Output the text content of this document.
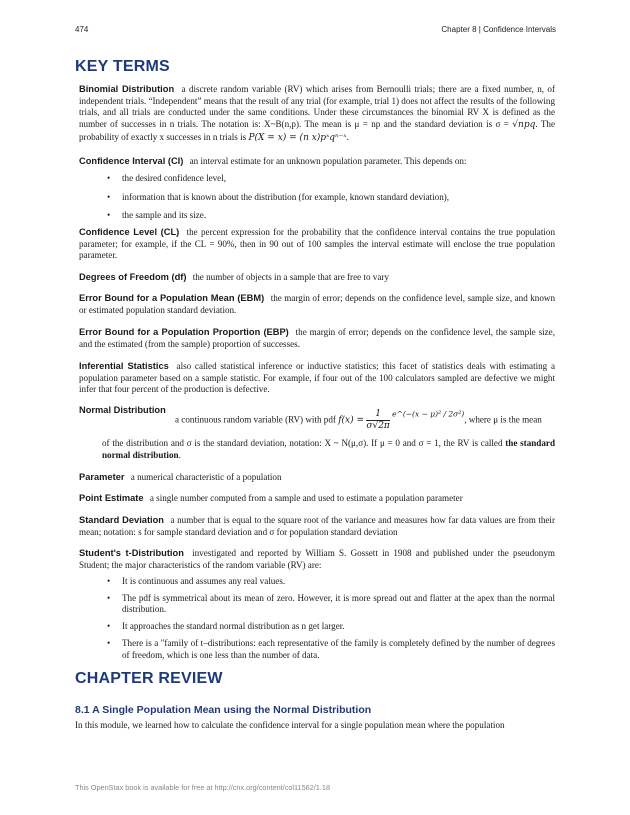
474	Chapter 8 | Confidence Intervals
KEY TERMS
Binomial Distribution a discrete random variable (RV) which arises from Bernoulli trials; there are a fixed number, n, of independent trials. “Independent” means that the result of any trial (for example, trial 1) does not affect the results of the following trials, and all trials are conducted under the same conditions. Under these circumstances the binomial RV X is defined as the number of successes in n trials. The notation is: X~B(n,p). The mean is μ = np and the standard deviation is σ = √npq. The probability of exactly x successes in n trials is P(X = x) = (n x)pˣqⁿ⁻ˣ.
Confidence Interval (CI) an interval estimate for an unknown population parameter. This depends on:
• the desired confidence level,
• information that is known about the distribution (for example, known standard deviation),
• the sample and its size.
Confidence Level (CL) the percent expression for the probability that the confidence interval contains the true population parameter; for example, if the CL = 90%, then in 90 out of 100 samples the interval estimate will enclose the true population parameter.
Degrees of Freedom (df) the number of objects in a sample that are free to vary
Error Bound for a Population Mean (EBM) the margin of error; depends on the confidence level, sample size, and known or estimated population standard deviation.
Error Bound for a Population Proportion (EBP) the margin of error; depends on the confidence level, the sample size, and the estimated (from the sample) proportion of successes.
Inferential Statistics also called statistical inference or inductive statistics; this facet of statistics deals with estimating a population parameter based on a sample statistic. For example, if four out of the 100 calculators sampled are defective we might infer that four percent of the production is defective.
Normal Distribution
a continuous random variable (RV) with pdf $f(x) = \frac{1}{\sigma√2\pi} ^{e\^{}(-(x - \mu)^2 / 2\sigma^2)}$, where μ is the mean
of the distribution and σ is the standard deviation, notation: X ~ N(μ,σ). If μ = 0 and σ = 1, the RV is called the standard normal distribution.
Parameter a numerical characteristic of a population
Point Estimate a single number computed from a sample and used to estimate a population parameter
Standard Deviation a number that is equal to the square root of the variance and measures how far data values are from their mean; notation: s for sample standard deviation and σ for population standard deviation
Student's t-Distribution investigated and reported by William S. Gossett in 1908 and published under the pseudonym Student; the major characteristics of the random variable (RV) are:
• It is continuous and assumes any real values.
• The pdf is symmetrical about its mean of zero. However, it is more spread out and flatter at the apex than the normal distribution.
• It approaches the standard normal distribution as n get larger.
• There is a "family of t–distributions: each representative of the family is completely defined by the number of degrees of freedom, which is one less than the number of data.
CHAPTER REVIEW
8.1 A Single Population Mean using the Normal Distribution
In this module, we learned how to calculate the confidence interval for a single population mean where the population
This OpenStax book is available for free at http://cnx.org/content/col11562/1.18
